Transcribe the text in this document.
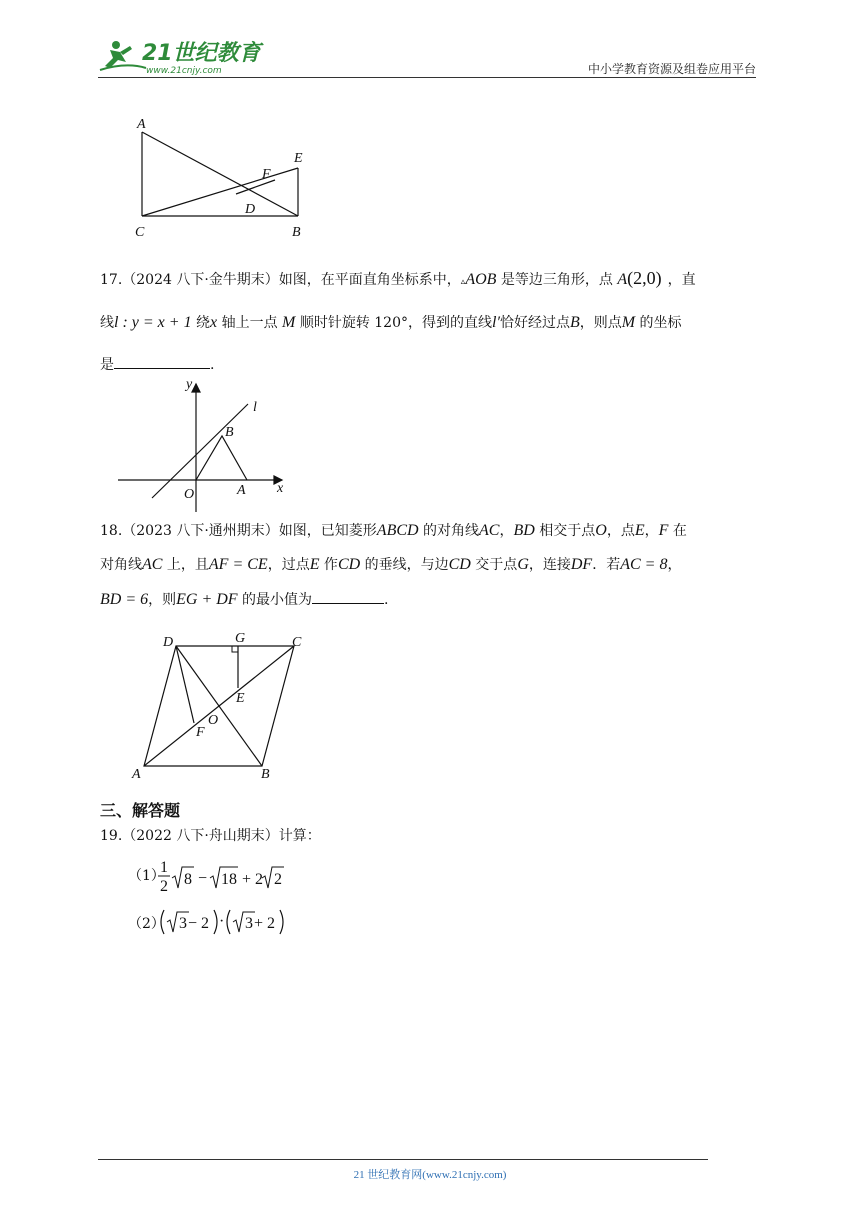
21世纪教育
www.21cnjy.com	中小学教育资源及组卷应用平台
A
E
F
D
C	B
17.（2024 八下·金牛期末）如图，在平面直角坐标系中，▵AOB 是等边三角形，点 A(2,0) ，直
线l : y = x + 1 绕x 轴上一点 M 顺时针旋转 120°，得到的直线l′恰好经过点B，则点M 的坐标
是	.
y
l
B
O	A x
18.（2023 八下·通州期末）如图，已知菱形ABCD 的对角线AC，BD 相交于点O，点E，F 在
对角线AC 上，且AF = CE，过点E 作CD 的垂线，与边CD 交于点G，连接DF．若AC = 8，
BD = 6，则EG + DF 的最小值为	.
D	G	C
E
O
F
A	B
三、解答题
19.（2022 八下·舟山期末）计算：
（1）
1
2 8 − 18 + 2 2
（2） 3 − 2 · 3 + 2
21 世纪教育网(www.21cnjy.com)
